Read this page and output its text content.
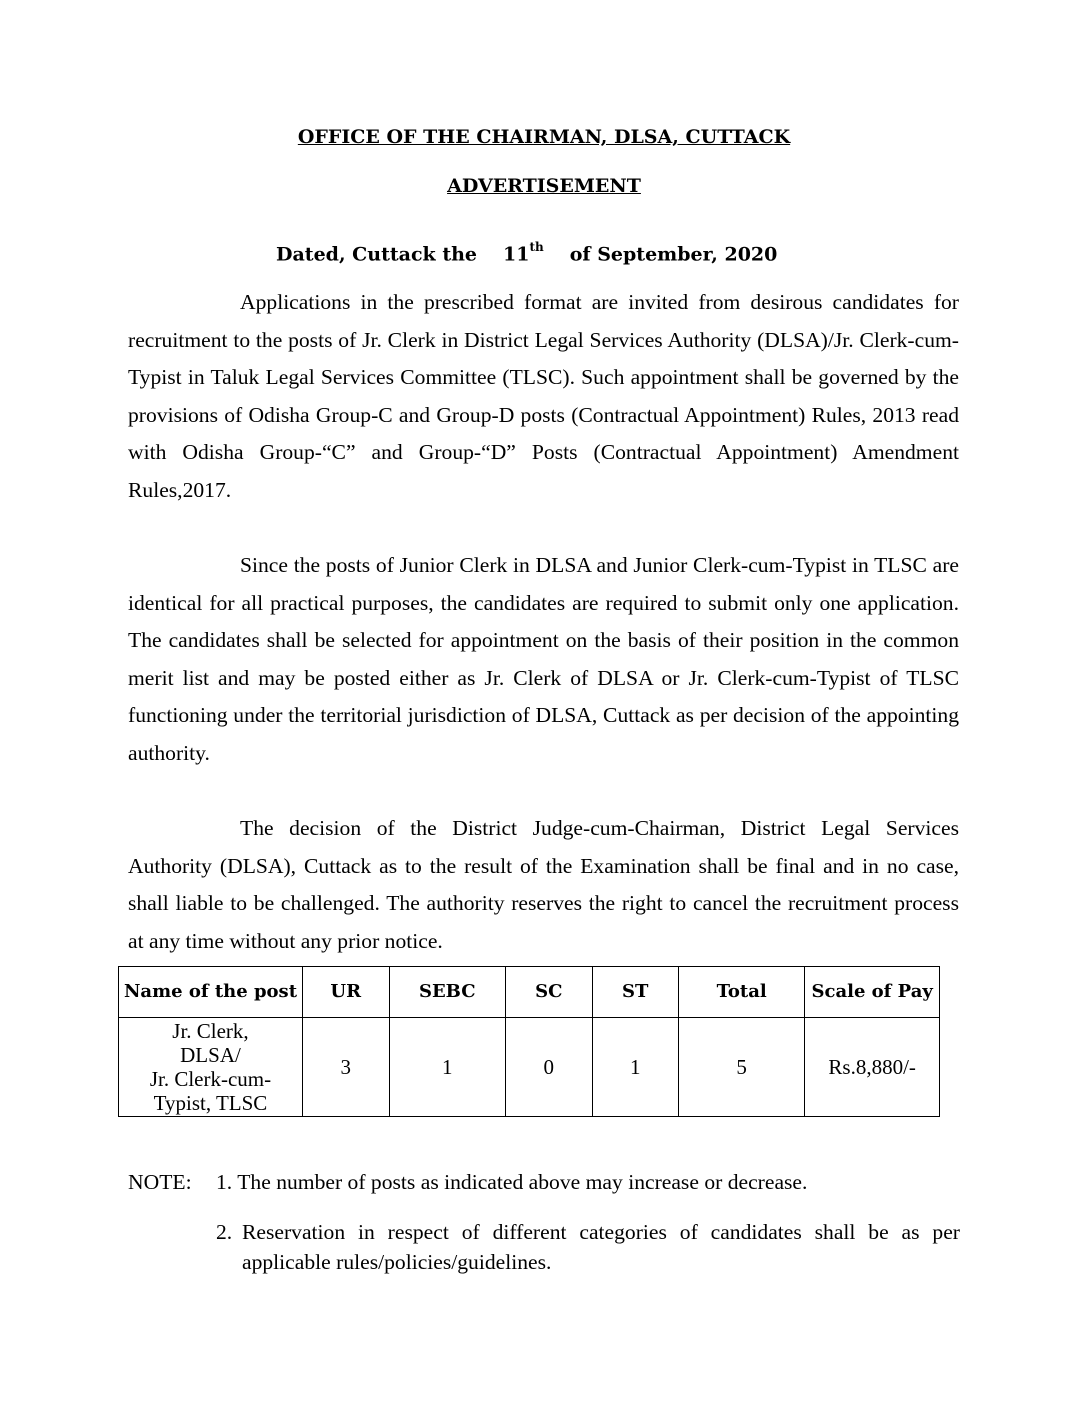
OFFICE OF THE CHAIRMAN, DLSA, CUTTACK
ADVERTISEMENT
Dated, Cuttack the 11th of September, 2020

Applications in the prescribed format are invited from desirous candidates for recruitment to the posts of Jr. Clerk in District Legal Services Authority (DLSA)/Jr. Clerk-cum-Typist in Taluk Legal Services Committee (TLSC). Such appointment shall be governed by the provisions of Odisha Group-C and Group-D posts (Contractual Appointment) Rules, 2013 read with Odisha Group-“C” and Group-“D” Posts (Contractual Appointment) Amendment Rules,2017.

Since the posts of Junior Clerk in DLSA and Junior Clerk-cum-Typist in TLSC are identical for all practical purposes, the candidates are required to submit only one application. The candidates shall be selected for appointment on the basis of their position in the common merit list and may be posted either as Jr. Clerk of DLSA or Jr. Clerk-cum-Typist of TLSC functioning under the territorial jurisdiction of DLSA, Cuttack as per decision of the appointing authority.

The decision of the District Judge-cum-Chairman, District Legal Services Authority (DLSA), Cuttack as to the result of the Examination shall be final and in no case, shall liable to be challenged. The authority reserves the right to cancel the recruitment process at any time without any prior notice.

Name of the post	UR	SEBC	SC	ST	Total	Scale of Pay

Jr. Clerk,
DLSA/
Jr. Clerk-cum-
Typist, TLSC	3	1	0	1	5	Rs.8,880/-
NOTE: 1. The number of posts as indicated above may increase or decrease.
2. Reservation in respect of different categories of candidates shall be as per applicable rules/policies/guidelines.
